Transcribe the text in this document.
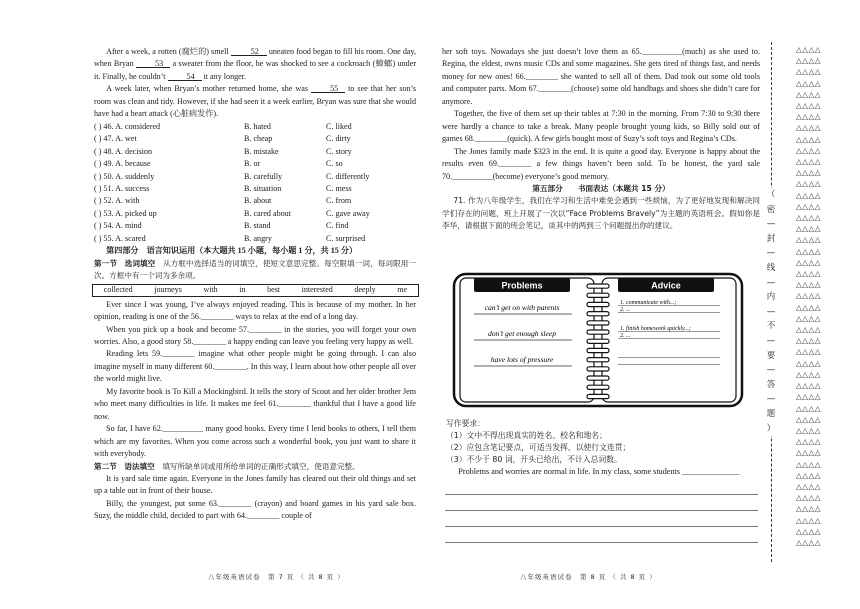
After a week, a rotten (腐烂的) smell 52 uneaten food began to fill his room. One day, when Bryan 53 a sweater from the floor, he was shocked to see a cockroach (蟑螂) under it. Finally, he couldn’t 54 it any longer.

A week later, when Bryan’s mother returned home, she was 55 to see that her son’s room was clean and tidy. However, if she had seen it a week earlier, Bryan was sure that she would have had a heart attack (心脏病发作).

( ) 46. A. considered	B. hated	C. liked
( ) 47. A. wet	B. cheap	C. dirty
( ) 48. A. decision	B. mistake	C. story
( ) 49. A. because	B. or	C. so
( ) 50. A. suddenly	B. carefully	C. differently
( ) 51. A. success	B. situation	C. mess
( ) 52. A. with	B. about	C. from
( ) 53. A. picked up	B. cared about	C. gave away
( ) 54. A. mind	B. stand	C. find
( ) 55. A. scared	B. angry	C. surprised

第四部分　语言知识运用（本大题共 15 小题，每小题 1 分，共 15 分）

第一节　选词填空　 从方框中选择适当的词填空，使短文意思完整。每空限填一词，每词限用一次。方框中有一个词为多余项。

collected	journeys	with	in	best	interested	deeply	me

Ever since I was young, I’ve always enjoyed reading. This is because of my mother. In her opinion, reading is one of the 56.________ ways to relax at the end of a long day.

When you pick up a book and become 57.________ in the stories, you will forget your own worries. Also, a good story 58.________ a happy ending can leave you feeling very happy as well.

Reading lets 59.________ imagine what other people might be going through. I can also imagine myself in many different 60.________. In this way, I learn about how other people all over the world might live.

My favorite book is To Kill a Mockingbird. It tells the story of Scout and her older brother Jem who meet many difficulties in life. It makes me feel 61.________ thankful that I have a good life now.

So far, I have 62.__________ many good books. Every time I lend books to others, I tell them which are my favorites. When you come across such a wonderful book, you just want to share it with everybody.

第二节　语法填空　 填写所缺单词或用所给单词的正确形式填空，使语意完整。

It is yard sale time again. Everyone in the Jones family has cleared out their old things and set up a table out in front of their house.

Billy, the youngest, put some 63.________ (crayon) and board games in his yard sale box. Suzy, the middle child, decided to part with 64.________ couple of

八年级英语试卷　第 7 页 （ 共 8 页 ）

her soft toys. Nowadays she just doesn’t love them as 65.__________(much) as she used to. Regina, the eldest, owns music CDs and some magazines. She gets tired of things fast, and needs money for new ones! 66.________ she wanted to sell all of them. Dad took out some old tools and computer parts. Mom 67.________(choose) some old handbags and shoes she didn’t care for anymore.

Together, the five of them set up their tables at 7:30 in the morning. From 7:30 to 9:30 there were hardly a chance to take a break. Many people brought young kids, so Billy sold out of games 68.________(quick). A few girls bought most of Suzy’s soft toys and Regina’s CDs.

The Jones family made $323 in the end. It is quite a good day. Everyone is happy about the results even 69.________ a few things haven’t been sold. To be honest, the yard sale 70.__________(become) everyone’s good memory.

第五部分　　书面表达（本题共 15 分）

71. 作为八年级学生，我们在学习和生活中难免会遇到一些烦恼，为了更好地发现和解决同学们存在的问题，班上开展了一次以“Face Problems Bravely”为主题的英语班会。假如你是李华，请根据下面的班会笔记，谈其中的两到三个问题提出你的建议。

Problems	Advice
can’t get on with parents
don’t get enough sleep
have lots of pressure
1. communicate with...;
2. ...
1. finish homework quickly...;
2. ...

写作要求：

（1）文中不得出现真实的姓名、校名和地名；

（2）应包含笔记要点，可适当发挥，以使行文连贯；

（3）不少于 80 词，开头已给出，不计入总词数。

Problems and worries are normal in life. In my class, some students ______________

八年级英语试卷　第 8 页 （ 共 8 页 ）
（
密
—
封
—
线
—
内
—
不
—
要
—
答
—
题
）
△△△△
△△△△
△△△△
△△△△
△△△△
△△△△
△△△△
△△△△
△△△△
△△△△
△△△△
△△△△
△△△△
△△△△
△△△△
△△△△
△△△△
△△△△
△△△△
△△△△
△△△△
△△△△
△△△△
△△△△
△△△△
△△△△
△△△△
△△△△
△△△△
△△△△
△△△△
△△△△
△△△△
△△△△
△△△△
△△△△
△△△△
△△△△
△△△△
△△△△
△△△△
△△△△
△△△△
△△△△
△△△△
